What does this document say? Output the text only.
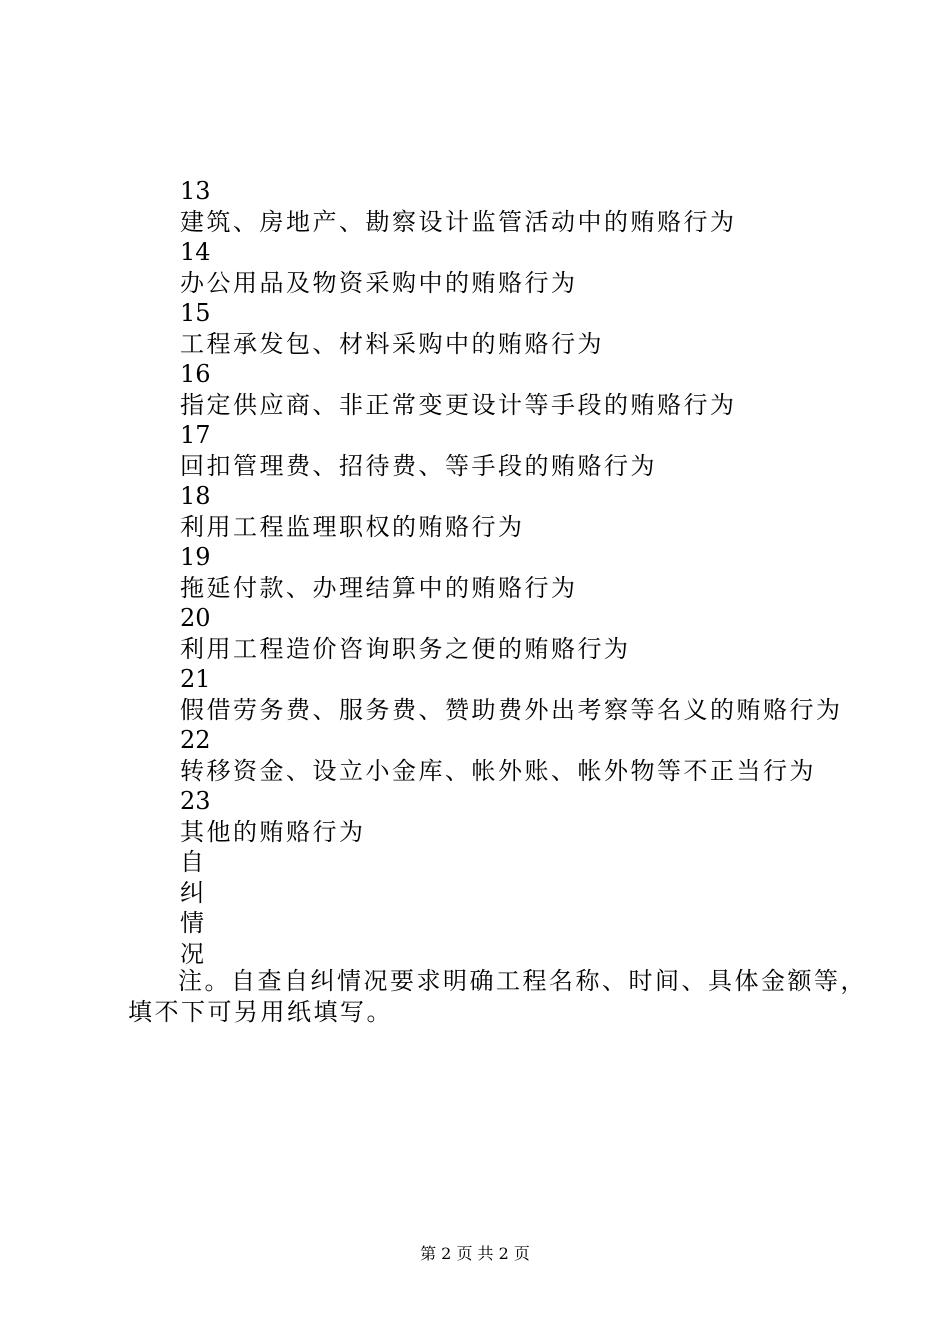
13
建筑、房地产、勘察设计监管活动中的贿赂行为
14
办公用品及物资采购中的贿赂行为
15
工程承发包、材料采购中的贿赂行为
16
指定供应商、非正常变更设计等手段的贿赂行为
17
回扣管理费、招待费、等手段的贿赂行为
18
利用工程监理职权的贿赂行为
19
拖延付款、办理结算中的贿赂行为
20
利用工程造价咨询职务之便的贿赂行为
21
假借劳务费、服务费、赞助费外出考察等名义的贿赂行为
22
转移资金、设立小金库、帐外账、帐外物等不正当行为
23
其他的贿赂行为
自
纠
情
况
注。自查自纠情况要求明确工程名称、时间、具体金额等，
填不下可另用纸填写。
第 2 页 共 2 页
